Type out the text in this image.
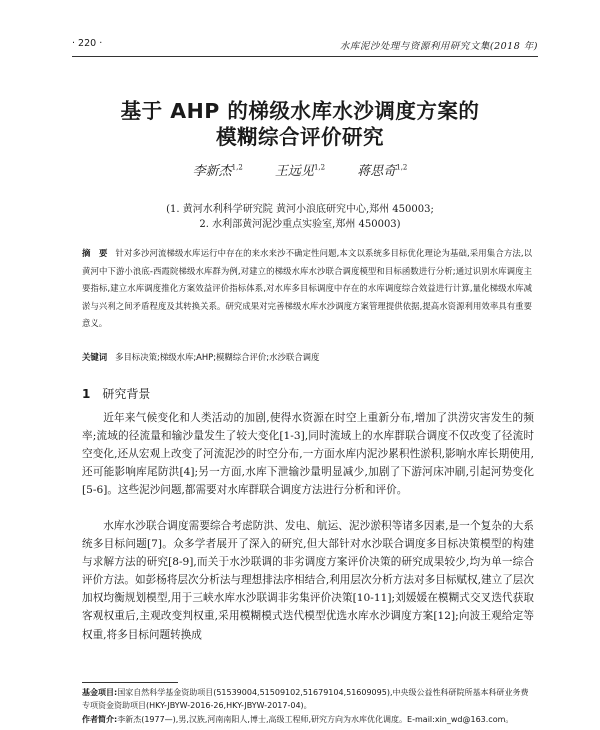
· 220 ·	水库泥沙处理与资源利用研究文集(2018 年)
基于 AHP 的梯级水库水沙调度方案的
模糊综合评价研究
李新杰$^{1,2}$ 王远见$^{1,2}$ 蒋思奇$^{1,2}$
(1. 黄河水利科学研究院 黄河小浪底研究中心,郑州 450003;
2. 水利部黄河泥沙重点实验室,郑州 450003)
摘　要 针对多沙河流梯级水库运行中存在的来水来沙不确定性问题,本文以系统多目标优化理论为基础,采用集合方法,以黄河中下游小浪底-西霞院梯级水库群为例,对建立的梯级水库水沙联合调度模型和目标函数进行分析;通过识别水库调度主要指标,建立水库调度推化方案效益评价指标体系,对水库多目标调度中存在的水库调度综合效益进行计算,量化梯级水库减淤与兴利之间矛盾程度及其转换关系。研究成果对完善梯级水库水沙调度方案管理提供依据,提高水资源利用效率具有重要意义。
关键词 多目标决策;梯级水库;AHP;模糊综合评价;水沙联合调度
1 研究背景

近年来气候变化和人类活动的加剧,使得水资源在时空上重新分布,增加了洪涝灾害发生的频率;流域的径流量和输沙量发生了较大变化[1-3],同时流域上的水库群联合调度不仅改变了径流时空变化,还从宏观上改变了河流泥沙的时空分布,一方面水库内泥沙累积性淤积,影响水库长期使用,还可能影响库尾防洪[4];另一方面,水库下泄输沙量明显减少,加剧了下游河床冲刷,引起河势变化[5-6]。这些泥沙问题,都需要对水库群联合调度方法进行分析和评价。

水库水沙联合调度需要综合考虑防洪、发电、航运、泥沙淤积等诸多因素,是一个复杂的大系统多目标问题[7]。众多学者展开了深入的研究,但大部针对水沙联合调度多目标决策模型的构建与求解方法的研究[8-9],而关于水沙联调的非劣调度方案评价决策的研究成果较少,均为单一综合评价方法。如彭杨将层次分析法与理想排法序相结合,利用层次分析方法对多目标赋权,建立了层次加权均衡规划模型,用于三峡水库水沙联调非劣集评价决策[10-11];刘媛媛在模糊式交叉迭代获取客观权重后,主观改变判权重,采用模糊模式迭代模型优选水库水沙调度方案[12];向波王观给定等权重,将多目标问题转换成

基金项目:国家自然科学基金资助项目(51539004,51509102,51679104,51609095),中央级公益性科研院所基本科研业务费专项资金资助项目(HKY-JBYW-2016-26,HKY-JBYW-2017-04)。
作者简介:李新杰(1977—),男,汉族,河南南阳人,博士,高级工程师,研究方向为水库优化调度。E-mail:xin_wd@163.com。
